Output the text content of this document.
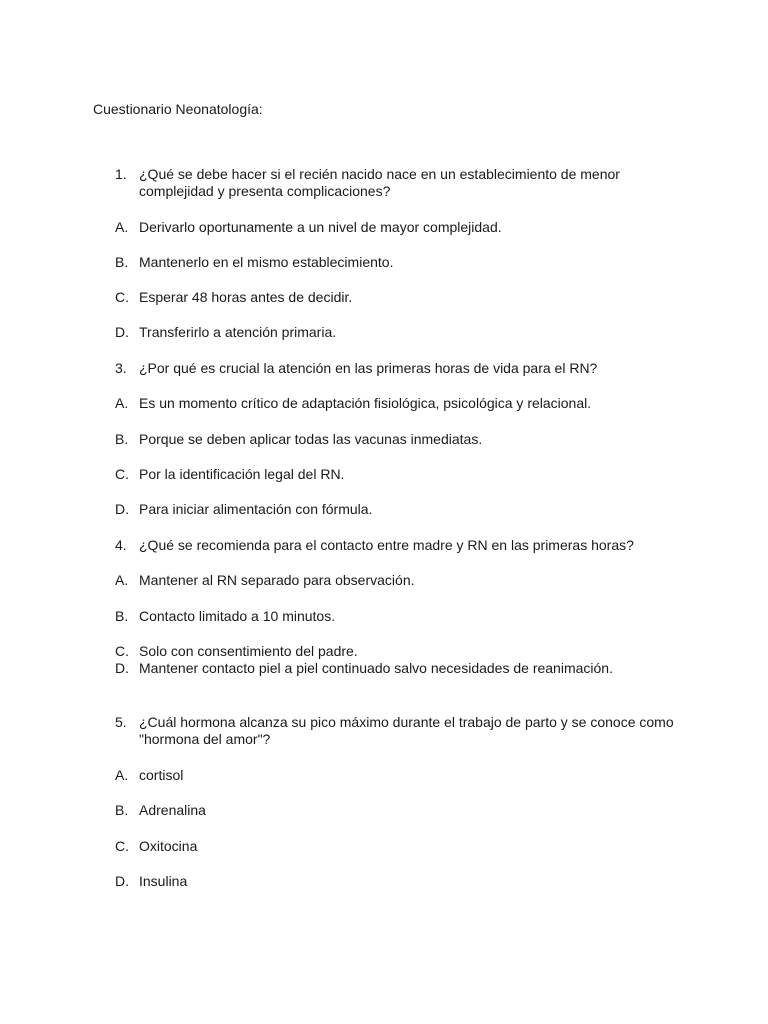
Cuestionario Neonatología:
1. ¿Qué se debe hacer si el recién nacido nace en un establecimiento de menor complejidad y presenta complicaciones?
A. Derivarlo oportunamente a un nivel de mayor complejidad.
B. Mantenerlo en el mismo establecimiento.
C. Esperar 48 horas antes de decidir.
D. Transferirlo a atención primaria.
3. ¿Por qué es crucial la atención en las primeras horas de vida para el RN?
A. Es un momento crítico de adaptación fisiológica, psicológica y relacional.
B. Porque se deben aplicar todas las vacunas inmediatas.
C. Por la identificación legal del RN.
D. Para iniciar alimentación con fórmula.
4. ¿Qué se recomienda para el contacto entre madre y RN en las primeras horas?
A. Mantener al RN separado para observación.
B. Contacto limitado a 10 minutos.
C. Solo con consentimiento del padre.
D. Mantener contacto piel a piel continuado salvo necesidades de reanimación.
5. ¿Cuál hormona alcanza su pico máximo durante el trabajo de parto y se conoce como "hormona del amor"?
A. cortisol
B. Adrenalina
C. Oxitocina
D. Insulina
